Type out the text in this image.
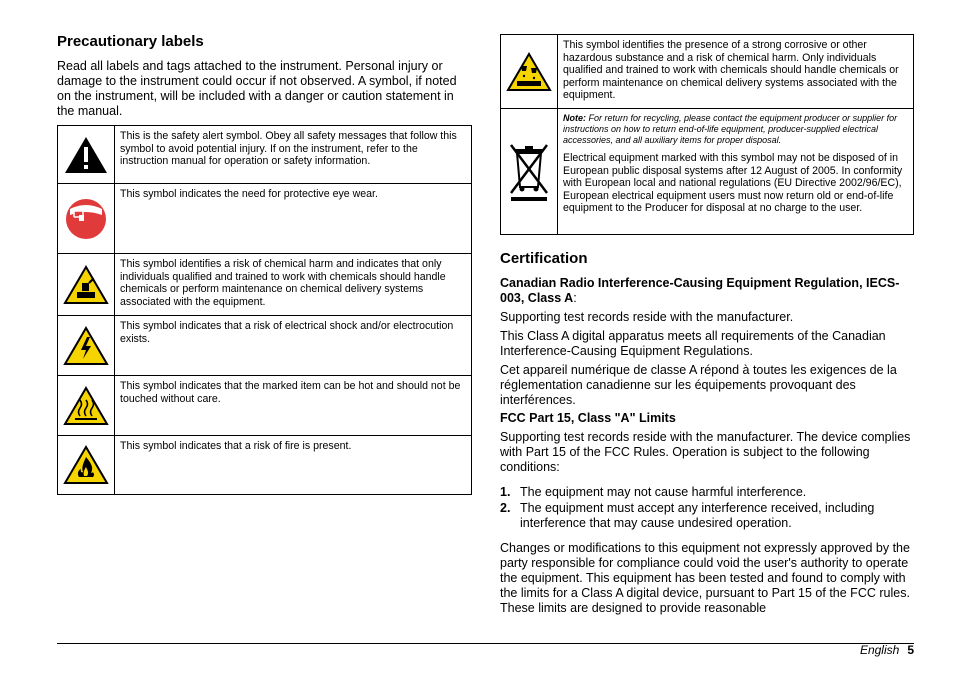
Precautionary labels

Read all labels and tags attached to the instrument. Personal injury or damage to the instrument could occur if not observed. A symbol, if noted on the instrument, will be included with a danger or caution statement in the manual.

	This is the safety alert symbol. Obey all safety messages that follow this symbol to avoid potential injury. If on the instrument, refer to the instruction manual for operation or safety information.

	This symbol indicates the need for protective eye wear.

	This symbol identifies a risk of chemical harm and indicates that only individuals qualified and trained to work with chemicals should handle chemicals or perform maintenance on chemical delivery systems associated with the equipment.

	This symbol indicates that a risk of electrical shock and/or electrocution exists.

	This symbol indicates that the marked item can be hot and should not be touched without care.

	This symbol indicates that a risk of fire is present.
	This symbol identifies the presence of a strong corrosive or other hazardous substance and a risk of chemical harm. Only individuals qualified and trained to work with chemicals should handle chemicals or perform maintenance on chemical delivery systems associated with the equipment.

Note: For return for recycling, please contact the equipment producer or supplier for instructions on how to return end-of-life equipment, producer-supplied electrical accessories, and all auxiliary items for proper disposal.
Electrical equipment marked with this symbol may not be disposed of in European public disposal systems after 12 August of 2005. In conformity with European local and national regulations (EU Directive 2002/96/EC), European electrical equipment users must now return old or end-of-life equipment to the Producer for disposal at no charge to the user.
Certification
Canadian Radio Interference-Causing Equipment Regulation, IECS-003, Class A:

Supporting test records reside with the manufacturer.

This Class A digital apparatus meets all requirements of the Canadian Interference-Causing Equipment Regulations.

Cet appareil numérique de classe A répond à toutes les exigences de la réglementation canadienne sur les équipements provoquant des interférences.

FCC Part 15, Class "A" Limits

Supporting test records reside with the manufacturer. The device complies with Part 15 of the FCC Rules. Operation is subject to the following conditions:

1. The equipment may not cause harmful interference.
2. The equipment must accept any interference received, including interference that may cause undesired operation.

Changes or modifications to this equipment not expressly approved by the party responsible for compliance could void the user's authority to operate the equipment. This equipment has been tested and found to comply with the limits for a Class A digital device, pursuant to Part 15 of the FCC rules. These limits are designed to provide reasonable

English 5
